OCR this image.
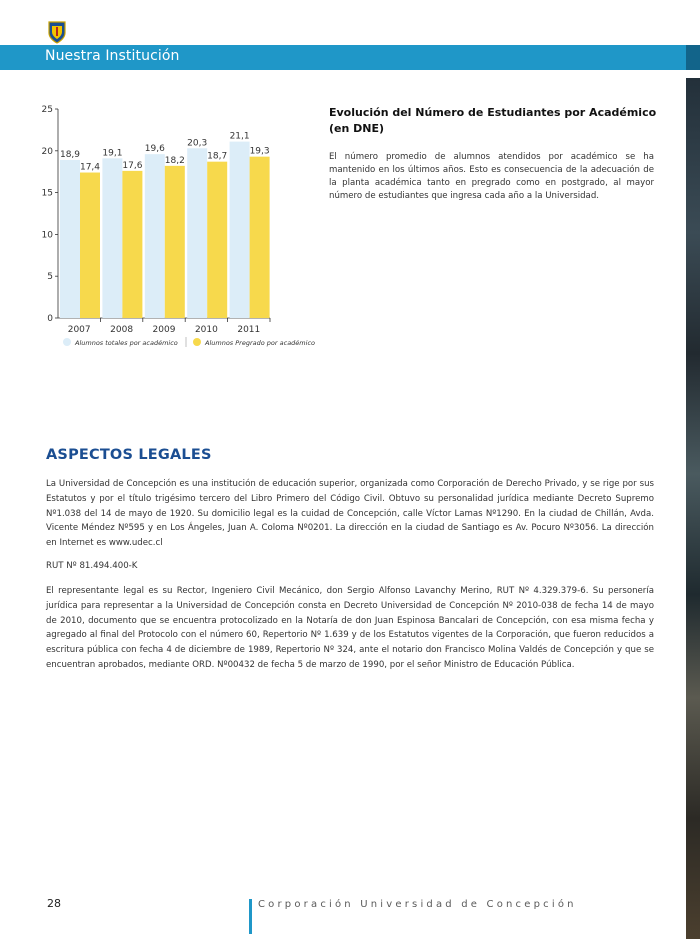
Nuestra Institución
0
5
10
15
20
25
18,9
17,4
2007
19,1
17,6
2008
19,6
18,2
2009
20,3
18,7
2010
21,1
19,3
2011
Alumnos totales por académico	Alumnos Pregrado por académico
Evolución del Número de Estudiantes por Académico (en DNE)
El número promedio de alumnos atendidos por académico se ha mantenido en los últimos años. Esto es consecuencia de la adecuación de la planta académica tanto en pregrado como en postgrado, al mayor número de estudiantes que ingresa cada año a la Universidad.
ASPECTOS LEGALES

La Universidad de Concepción es una institución de educación superior, organizada como Corporación de Derecho Privado, y se rige por sus Estatutos y por el título trigésimo tercero del Libro Primero del Código Civil. Obtuvo su personalidad jurídica mediante Decreto Supremo Nº1.038 del 14 de mayo de 1920. Su domicilio legal es la cuidad de Concepción, calle Víctor Lamas Nº1290. En la ciudad de Chillán, Avda. Vicente Méndez Nº595 y en Los Ángeles, Juan A. Coloma Nº0201. La dirección en la ciudad de Santiago es Av. Pocuro Nº3056. La dirección en Internet es www.udec.cl

RUT Nº 81.494.400-K

El representante legal es su Rector, Ingeniero Civil Mecánico, don Sergio Alfonso Lavanchy Merino, RUT Nº 4.329.379-6. Su personería jurídica para representar a la Universidad de Concepción consta en Decreto Universidad de Concepción Nº 2010-038 de fecha 14 de mayo de 2010, documento que se encuentra protocolizado en la Notaría de don Juan Espinosa Bancalari de Concepción, con esa misma fecha y agregado al final del Protocolo con el número 60, Repertorio Nº 1.639 y de los Estatutos vigentes de la Corporación, que fueron reducidos a escritura pública con fecha 4 de diciembre de 1989, Repertorio Nº 324, ante el notario don Francisco Molina Valdés de Concepción y que se encuentran aprobados, mediante ORD. Nº00432 de fecha 5 de marzo de 1990, por el señor Ministro de Educación Pública.

28	Corporación Universidad de Concepción
